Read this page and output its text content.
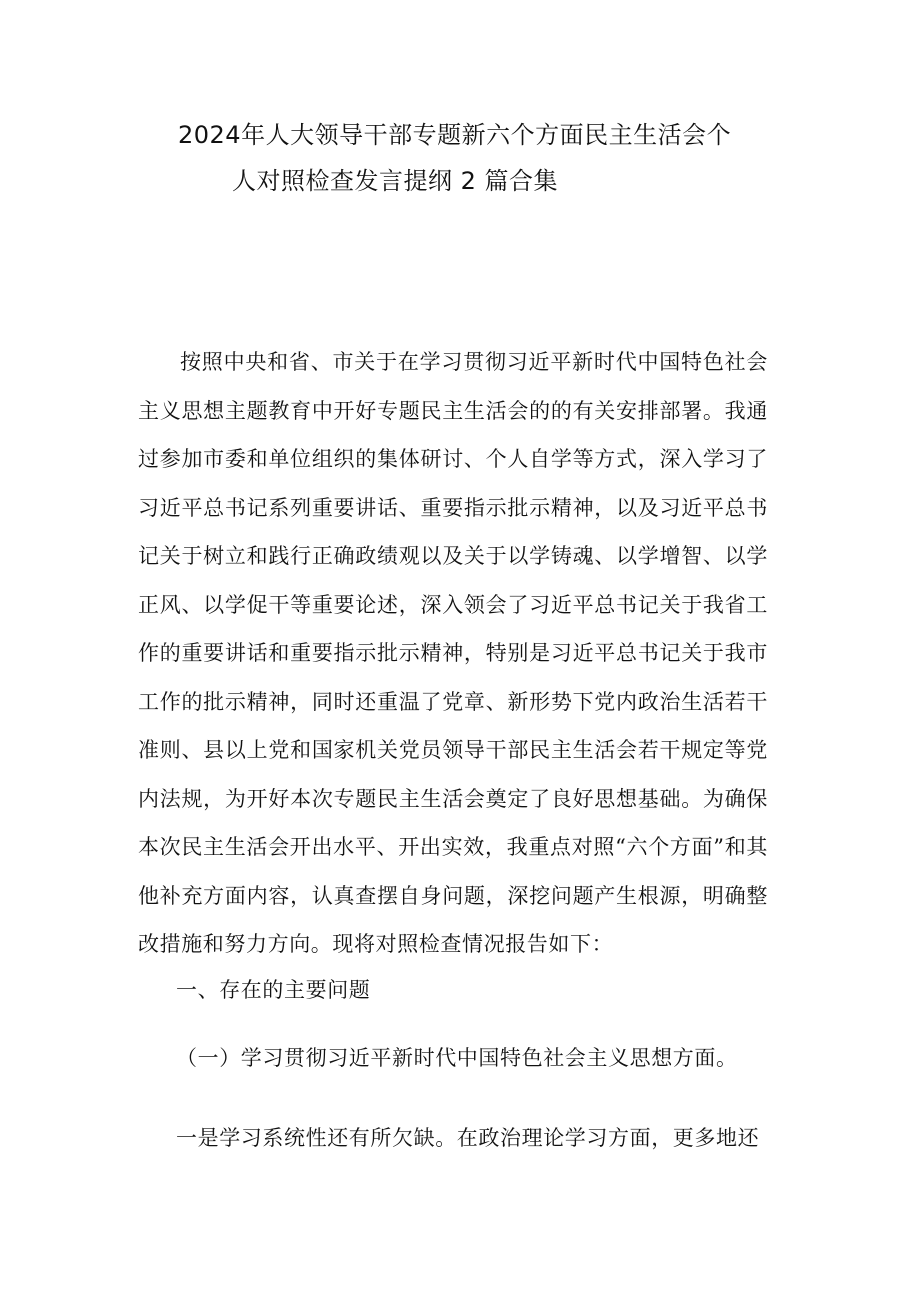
2024年人大领导干部专题新六个方面民主生活会个
人对照检查发言提纲 2 篇合集
按照中央和省、市关于在学习贯彻习近平新时代中国特色社会主义思想主题教育中开好专题民主生活会的的有关安排部署。我通过参加市委和单位组织的集体研讨、个人自学等方式，深入学习了习近平总书记系列重要讲话、重要指示批示精神，以及习近平总书记关于树立和践行正确政绩观以及关于以学铸魂、以学增智、以学正风、以学促干等重要论述，深入领会了习近平总书记关于我省工作的重要讲话和重要指示批示精神，特别是习近平总书记关于我市工作的批示精神，同时还重温了党章、新形势下党内政治生活若干准则、县以上党和国家机关党员领导干部民主生活会若干规定等党内法规，为开好本次专题民主生活会奠定了良好思想基础。为确保本次民主生活会开出水平、开出实效，我重点对照“六个方面”和其他补充方面内容，认真查摆自身问题，深挖问题产生根源，明确整改措施和努力方向。现将对照检查情况报告如下：
一、存在的主要问题
（一）学习贯彻习近平新时代中国特色社会主义思想方面。
一是学习系统性还有所欠缺。在政治理论学习方面，更多地还
